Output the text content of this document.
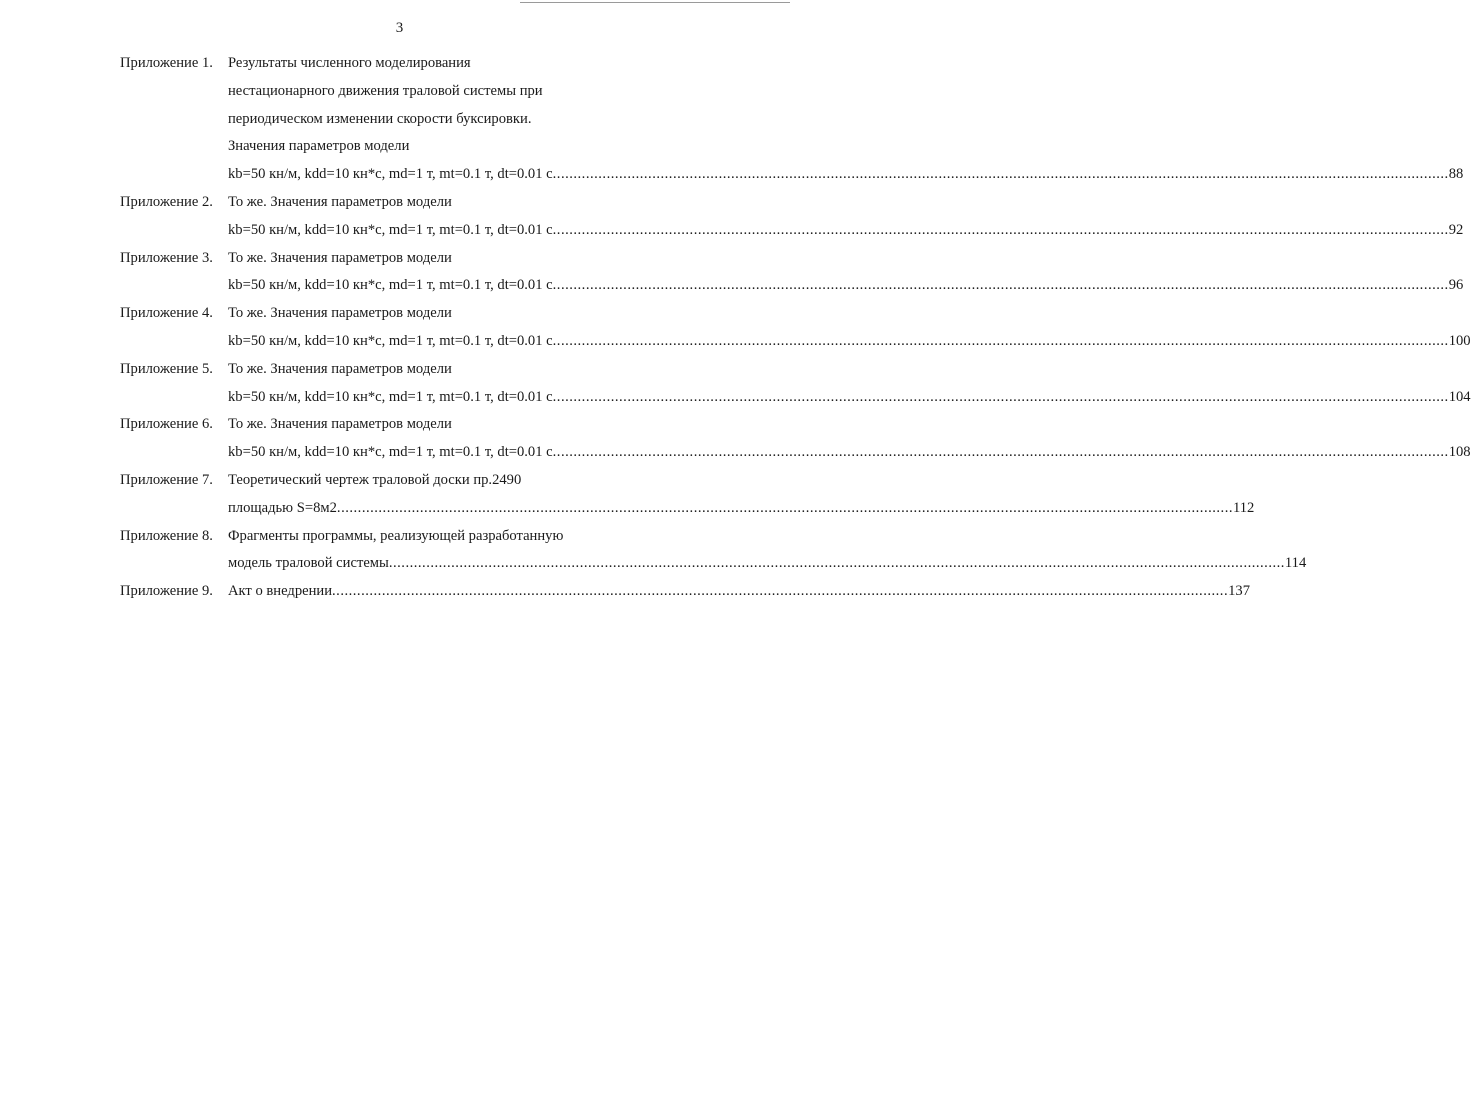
3
Приложение 1.	Результаты численного моделирования
нестационарного движения траловой системы при
периодическом изменении скорости буксировки.
Значения параметров модели
kb=50 кн/м, kdd=10 кн*с, md=1 т, mt=0.1 т, dt=0.01 с .....	88
Приложение 2.	То же. Значения параметров модели
kb=50 кн/м, kdd=10 кн*с, md=1 т, mt=0.1 т, dt=0.01 с .....	92
Приложение 3.	То же. Значения параметров модели
kb=50 кн/м, kdd=10 кн*с, md=1 т, mt=0.1 т, dt=0.01 с .....	96
Приложение 4.	То же. Значения параметров модели
kb=50 кн/м, kdd=10 кн*с, md=1 т, mt=0.1 т, dt=0.01 с .....	100
Приложение 5.	То же. Значения параметров модели
kb=50 кн/м, kdd=10 кн*с, md=1 т, mt=0.1 т, dt=0.01 с .....	104
Приложение 6.	То же. Значения параметров модели
kb=50 кн/м, kdd=10 кн*с, md=1 т, mt=0.1 т, dt=0.01 с .....	108
Приложение 7.	Теоретический чертеж траловой доски пр.2490
площадью S=8м2 .....	112
Приложение 8.	Фрагменты программы, реализующей разработанную
модель траловой системы .....	114
Приложение 9.	Акт о внедрении .....	137
